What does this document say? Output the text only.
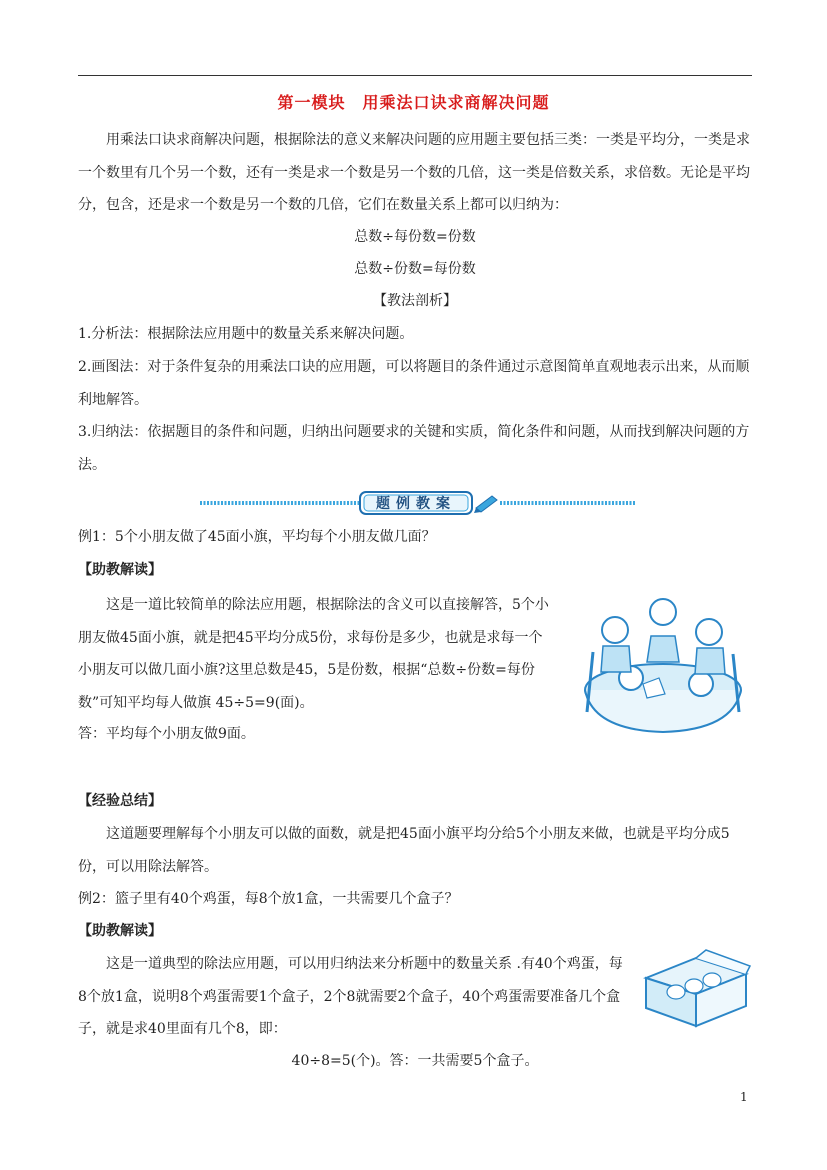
第一模块　用乘法口诀求商解决问题

用乘法口诀求商解决问题，根据除法的意义来解决问题的应用题主要包括三类：一类是平均分，一类是求一个数里有几个另一个数，还有一类是求一个数是另一个数的几倍，这一类是倍数关系，求倍数。无论是平均分，包含，还是求一个数是另一个数的几倍，它们在数量关系上都可以归纳为：

总数÷每份数=份数

总数÷份数=每份数

【教法剖析】

1.分析法：根据除法应用题中的数量关系来解决问题。

2.画图法：对于条件复杂的用乘法口诀的应用题，可以将题目的条件通过示意图简单直观地表示出来，从而顺利地解答。

3.归纳法：依据题目的条件和问题，归纳出问题要求的关键和实质，简化条件和问题，从而找到解决问题的方法。

题例教案

例1：5个小朋友做了45面小旗，平均每个小朋友做几面？

【助教解读】

这是一道比较简单的除法应用题，根据除法的含义可以直接解答，5个小朋友做45面小旗，就是把45平均分成5份，求每份是多少，也就是求每一个小朋友可以做几面小旗?这里总数是45，5是份数，根据“总数÷份数=每份数”可知平均每人做旗 45÷5=9(面)。

答：平均每个小朋友做9面。

【经验总结】

这道题要理解每个小朋友可以做的面数，就是把45面小旗平均分给5个小朋友来做，也就是平均分成5份，可以用除法解答。

例2：篮子里有40个鸡蛋，每8个放1盒，一共需要几个盒子？

【助教解读】

这是一道典型的除法应用题，可以用归纳法来分析题中的数量关系 .有40个鸡蛋，每8个放1盒，说明8个鸡蛋需要1个盒子，2个8就需要2个盒子，40个鸡蛋需要准备几个盒子，就是求40里面有几个8，即：

40÷8=5(个)。答：一共需要5个盒子。

1
